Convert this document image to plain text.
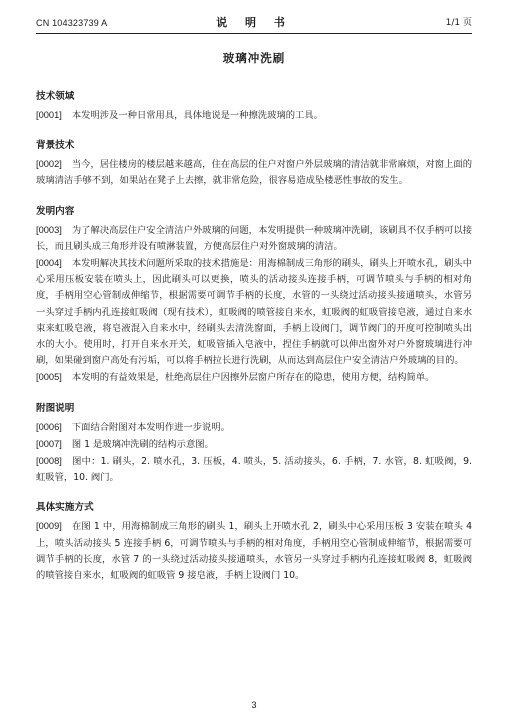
CN 104323739 A	说 明 书	1/1 页
玻璃冲洗刷
技术领域

[0001] 本发明涉及一种日常用具，具体地说是一种擦洗玻璃的工具。

背景技术

[0002] 当今，居住楼房的楼层越来越高，住在高层的住户对窗户外层玻璃的清洁就非常麻烦，对窗上面的玻璃清洁手够不到，如果站在凳子上去擦，就非常危险，很容易造成坠楼恶性事故的发生。

发明内容

[0003] 为了解决高层住户安全清洁户外玻璃的问题，本发明提供一种玻璃冲洗刷，该刷具不仅手柄可以接长，而且刷头成三角形并设有喷淋装置，方便高层住户对外窗玻璃的清洁。

[0004] 本发明解决其技术问题所采取的技术措施是：用海棉制成三角形的刷头，刷头上开喷水孔，刷头中心采用压板安装在喷头上，因此刷头可以更换，喷头的活动接头连接手柄，可调节喷头与手柄的相对角度，手柄用空心管制成伸缩节，根据需要可调节手柄的长度，水管的一头绕过活动接头接通喷头，水管另一头穿过手柄内孔连接虹吸阀（现有技术），虹吸阀的喷管接自来水，虹吸阀的虹吸管接皂液，通过自来水束来虹吸皂液，将皂液混入自来水中，经刷头去清洗窗面，手柄上设阀门，调节阀门的开度可控制喷头出水的大小。使用时，打开自来水开关，虹吸管插入皂液中，捏住手柄就可以伸出窗外对户外窗玻璃进行冲刷，如果碰到窗户高处有污垢，可以将手柄拉长进行洗刷，从而达到高层住户安全清洁户外玻璃的目的。

[0005] 本发明的有益效果是，杜绝高层住户因擦外层窗户所存在的隐患，使用方便，结构简单。

附图说明

[0006] 下面结合附图对本发明作进一步说明。

[0007] 图 1 是玻璃冲洗刷的结构示意图。

[0008] 图中：1. 刷头，2. 喷水孔，3. 压板，4. 喷头，5. 活动接头，6. 手柄，7. 水管，8. 虹吸阀，9. 虹吸管，10. 阀门。

具体实施方式

[0009] 在图 1 中，用海棉制成三角形的刷头 1，刷头上开喷水孔 2，刷头中心采用压板 3 安装在喷头 4 上，喷头活动接头 5 连接手柄 6，可调节喷头与手柄的相对角度，手柄用空心管制成伸缩节，根据需要可调节手柄的长度，水管 7 的一头绕过活动接头接通喷头，水管另一头穿过手柄内孔连接虹吸阀 8，虹吸阀的喷管接自来水，虹吸阀的虹吸管 9 接皂液，手柄上设阀门 10。

3
